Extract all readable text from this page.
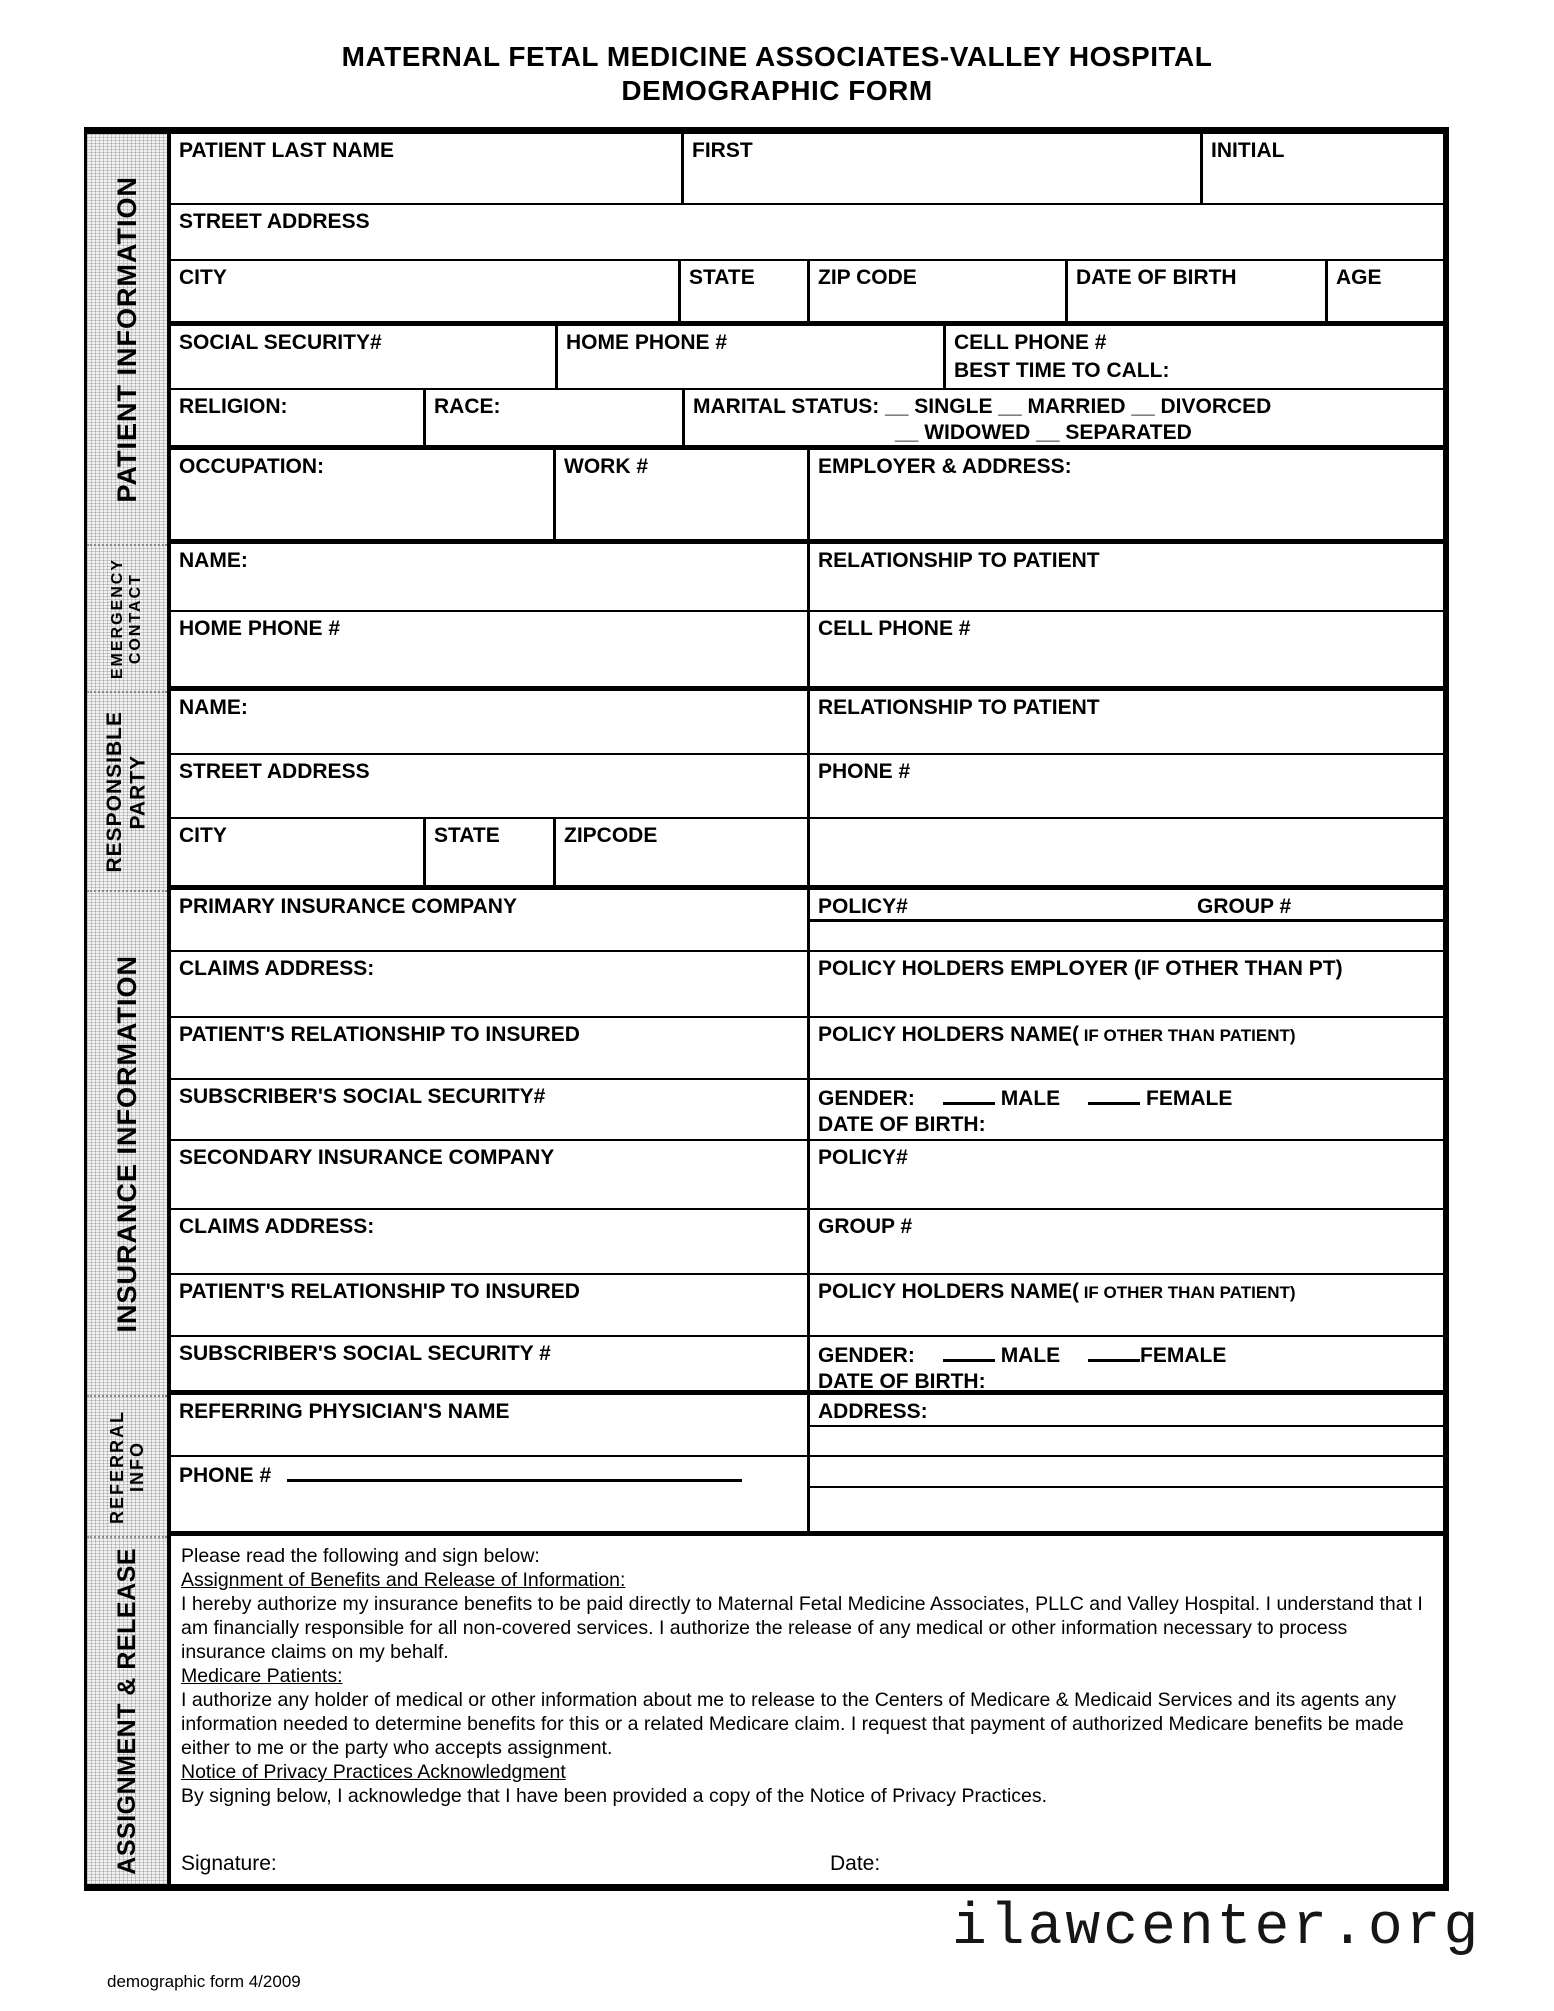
MATERNAL FETAL MEDICINE ASSOCIATES-VALLEY HOSPITAL
DEMOGRAPHIC FORM
PATIENT INFORMATION
EMERGENCY CONTACT
RESPONSIBLE PARTY
INSURANCE INFORMATION
REFERRAL INFO
ASSIGNMENT & RELEASE
PATIENT LAST NAME	FIRST	INITIAL
STREET ADDRESS
CITY	STATE	ZIP CODE	DATE OF BIRTH	AGE
SOCIAL SECURITY#	HOME PHONE #	CELL PHONE #
BEST TIME TO CALL:
RELIGION:	RACE:	MARITAL STATUS: __ SINGLE __ MARRIED __ DIVORCED
__ WIDOWED __ SEPARATED
OCCUPATION:	WORK #	EMPLOYER & ADDRESS:
NAME:	RELATIONSHIP TO PATIENT
HOME PHONE #	CELL PHONE #
NAME:	RELATIONSHIP TO PATIENT
STREET ADDRESS	PHONE #
CITY	STATE	ZIPCODE
PRIMARY INSURANCE COMPANY	POLICY#	GROUP #
CLAIMS ADDRESS:	POLICY HOLDERS EMPLOYER (IF OTHER THAN PT)
PATIENT'S RELATIONSHIP TO INSURED	POLICY HOLDERS NAME( IF OTHER THAN PATIENT)
SUBSCRIBER'S SOCIAL SECURITY#	GENDER:	MALE	FEMALE
DATE OF BIRTH:
SECONDARY INSURANCE COMPANY	POLICY#
CLAIMS ADDRESS:	GROUP #
PATIENT'S RELATIONSHIP TO INSURED	POLICY HOLDERS NAME( IF OTHER THAN PATIENT)
SUBSCRIBER'S SOCIAL SECURITY #	GENDER:	MALE	FEMALE
DATE OF BIRTH:
REFERRING PHYSICIAN'S NAME	ADDRESS:
PHONE #
Please read the following and sign below:
Assignment of Benefits and Release of Information:
I hereby authorize my insurance benefits to be paid directly to Maternal Fetal Medicine Associates, PLLC and Valley Hospital. I understand that I am financially responsible for all non-covered services. I authorize the release of any medical or other information necessary to process insurance claims on my behalf.
Medicare Patients:
I authorize any holder of medical or other information about me to release to the Centers of Medicare & Medicaid Services and its agents any information needed to determine benefits for this or a related Medicare claim. I request that payment of authorized Medicare benefits be made either to me or the party who accepts assignment.
Notice of Privacy Practices Acknowledgment
By signing below, I acknowledge that I have been provided a copy of the Notice of Privacy Practices.
Signature:	Date:
ilawcenter.org
demographic form 4/2009
